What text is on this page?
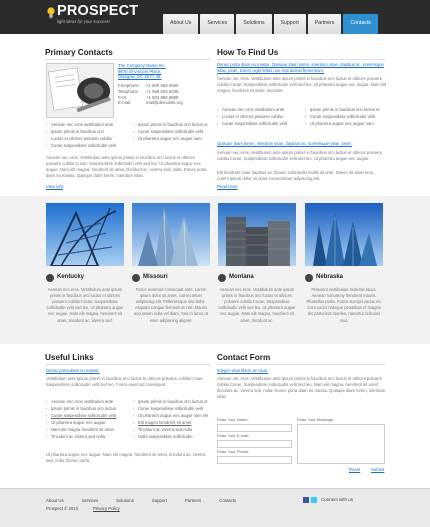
PROSPECT
light ideas for your success!	About Us	Services	Solutions	Support	Partners	Contacts
Primary Contacts
The Company Name Inc.
9870 St Vincent Place,
Glasgow, DC 45 Fr 45.
Freephone:	+1 800 559 6580
Telephone:	+1 959 603 6035
FAX:	+1 504 889 9898
E-mail:	mail@demolink.org
› Aenean nec eros vestibulum ante
› Ipsum primis in faucibus orci
› Luctus et ultrices posuere cubilia
› Curae suspendisse sollicitudin velit
› Ipsum primis in faucibus orci luctus et
› Curae suspendisse sollicitudin velit
› Ut pharetra augue nec augue nam
Aenean nec eros. Vestibulum ante ipsum primis in faucibus orci luctus et ultrices posuere cubilia Curae; Suspendisse sollicitudin velit sed leo. Ut pharetra augue nec augue. Nam elit magna, hendrerit sit amet, tincidunt ac, viverra sed, nulla. Donec porta diam eu massa. Quisque diam lorem, interdum vitae.
View info
How To Find Us
Donec porta diam eu massa. Quisque diam lorem, interdum vitae, dapibus ac, scelerisque vitae, pede. Donec eget tellus non erat lacinia fermentum.
Aenean nec eros. Vestibulum ante ipsum primis in faucibus orci luctus et ultrices posuere cubilia Curae; Suspendisse sollicitudin velit sed leo. Ut pharetra augue nec augue. Nam elit magna, hendrerit sit amet, tincidunt.
› Aenean nec eros vestibulum ante
› Luctus et ultrices posuere cubilia
› Curae suspendisse sollicitudin velit
› Ipsum primis in faucibus orci luctus et
› Curae suspendisse sollicitudin velit
› Ut pharetra augue nec augue nam
Quisque diam lorem, interdum vitae, dapibus ac, scelerisque vitae, pede.
Aenean nec eros. Vestibulum ante ipsum primis in faucibus orci luctus et ultrices posuere cubilia Curae; Suspendisse sollicitudin velit sed leo. Ut pharetra augue nec augue.
Elit hendrerit vitae dapibus ac. Donec sollicitudin mollis sit ante. Donec sit amet eros. Lorem ipsum dolor sit amet consectetuer adipiscing elit.
Read more
Kentucky
Aenean nec eros. Vestibulum ante ipsum primis in faucibus orci luctus et ultrices posuere cubilia Curae; Suspendisse sollicitudin velit sed leo. Ut pharetra augue nec augue. Nam elit magna, hendrerit sit amet, tincidunt ac, viverra sed.
Missouri
Fusce euismod consequat ante. Lorem ipsum dolor sit amet, consectetuer adipiscing elit. Pellentesque sed dolor. Aliquam congue fermentum nisl. Mauris accumsan nulla vel diam. Sed in lacus ut enim adipiscing aliquet.
Montana
Aenean nec eros. Vestibulum ante ipsum primis in faucibus orci luctus et ultrices posuere cubilia Curae; Suspendisse sollicitudin velit sed leo. Ut pharetra augue nec augue. Nam elit magna, hendrerit sit amet, tincidunt ac.
Nebraska
Praesent vestibulum molestie lacus. Aenean nonummy hendrerit mauris. Phasellus porta. Fusce suscipit varius mi. Cum sociis natoque penatibus et magnis dis parturient montes, nascetur ridiculus mus.
Useful Links
Donec porta diam eu massa.
Vestibulum ante ipsum primis in faucibus orci luctus et ultrices posuere cubilia Curae; Suspendisse sollicitudin velit sed leo. Fusce euismod consequat.
› Aenean nec eros vestibulum ante
› Ipsum primis in faucibus orci luctus
› Curae suspendisse sollicitudin velit
› Ut pharetra augue nec augue
› Nam elit magna hendrerit sit amet
› Tincidunt ac viverra sed nulla
› Ipsum primis in faucibus orci luctus et
› Curae suspendisse sollicitudin velit
› Ut pharetra augue nec augue nam elit
› Elit magna hendrerit sit amet
› Tincidunt ac viverra sed nulla
› Nulla suspendisse sollicitudin
Ut pharetra augue nec augue. Nam elit magna, hendrerit sit amet, tincidunt ac, viverra sed, nulla. Donec porta.
Contact Form
Integer vitae libero ac risus.
Aenean nec eros. Vestibulum ante ipsum primis in faucibus orci luctus et ultrices posuere cubilia Curae; Suspendisse sollicitudin velit sed leo. Nam elit magna, hendrerit sit amet, tincidunt ac, viverra sed, nulla. Donec porta diam eu massa. Quisque diam lorem, interdum vitae.
Enter Your Name:
Enter Your E-mail:
Enter Your Phone:
Enter Your Message:
Reset	Submit
About Us	Services	Solutions	Support	Partners	Contacts
Prospect © 2013	Privacy Policy
Connect with us
